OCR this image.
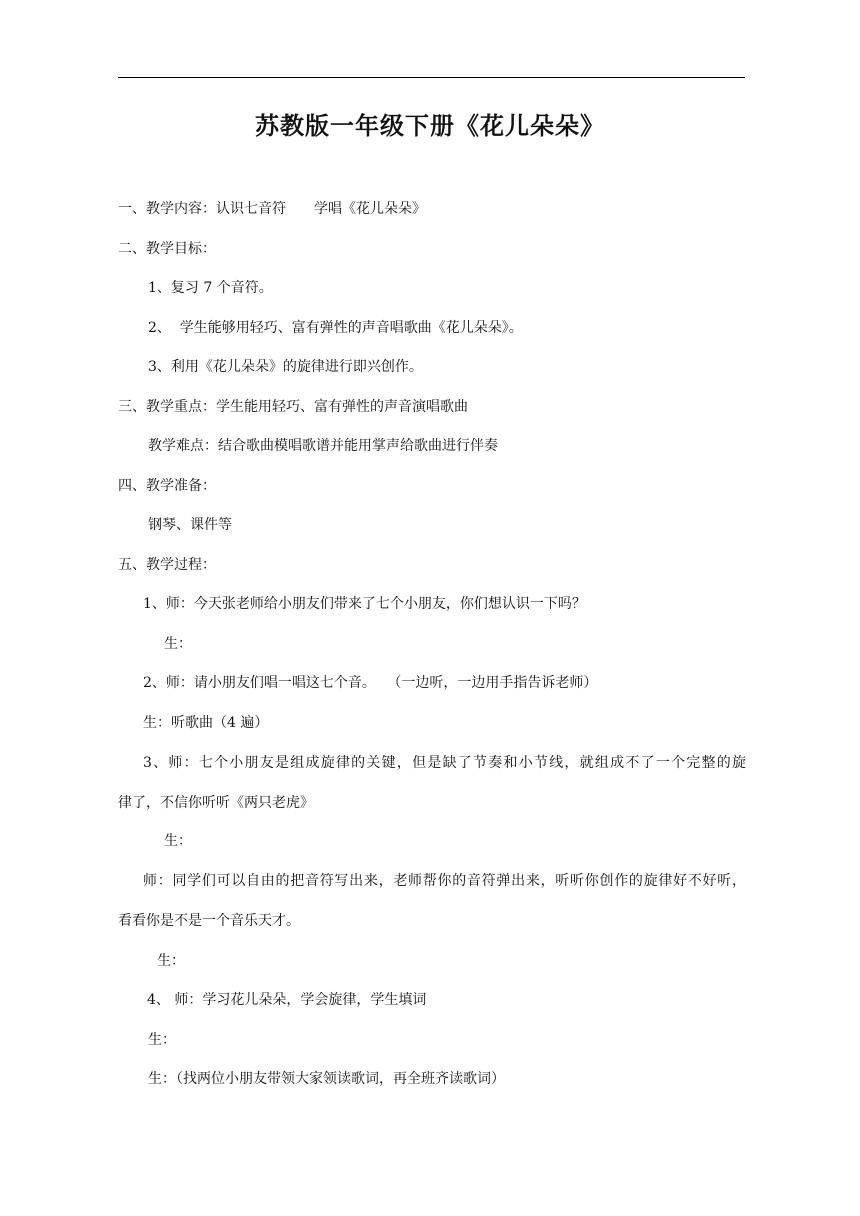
苏教版一年级下册《花儿朵朵》
一、教学内容：认识七音符　　学唱《花儿朵朵》
二、教学目标：
1、复习 7 个音符。
2、  学生能够用轻巧、富有弹性的声音唱歌曲《花儿朵朵》。
3、利用《花儿朵朵》的旋律进行即兴创作。
三、教学重点：学生能用轻巧、富有弹性的声音演唱歌曲
教学难点：结合歌曲模唱歌谱并能用掌声给歌曲进行伴奏
四、教学准备：
钢琴、课件等
五、教学过程：
1、师：今天张老师给小朋友们带来了七个小朋友，你们想认识一下吗？
生：
2、师：请小朋友们唱一唱这七个音。　 （一边听，一边用手指告诉老师）
生：听歌曲（4 遍）
3、师：七个小朋友是组成旋律的关键，但是缺了节奏和小节线，就组成不了一个完整的旋
律了，不信你听听《两只老虎》
生：
师：同学们可以自由的把音符写出来，老师帮你的音符弹出来，听听你创作的旋律好不好听，
看看你是不是一个音乐天才。
生：
4、 师：学习花儿朵朵，学会旋律，学生填词
生：
生：（找两位小朋友带领大家领读歌词，再全班齐读歌词）
